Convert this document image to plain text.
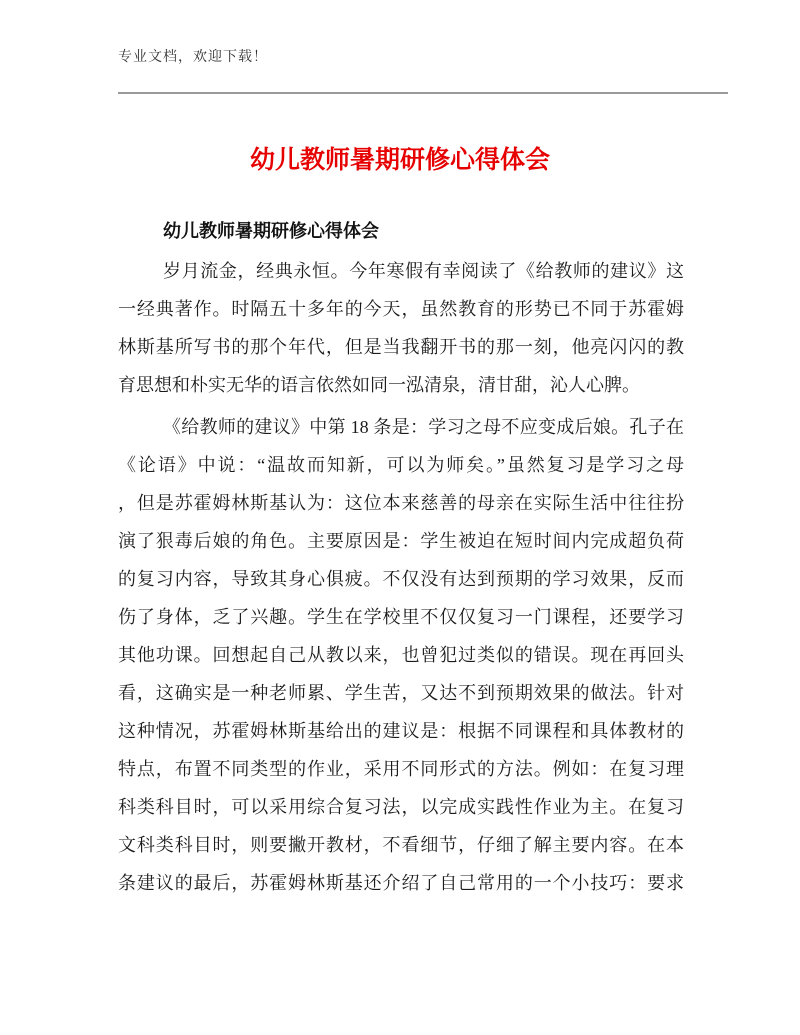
专业文档，欢迎下载！
幼儿教师暑期研修心得体会
幼儿教师暑期研修心得体会
岁月流金，经典永恒。今年寒假有幸阅读了《给教师的建议》这
一经典著作。时隔五十多年的今天，虽然教育的形势已不同于苏霍姆
林斯基所写书的那个年代，但是当我翻开书的那一刻，他亮闪闪的教
育思想和朴实无华的语言依然如同一泓清泉，清甘甜，沁人心脾。
《给教师的建议》中第 18 条是：学习之母不应变成后娘。孔子在
《论语》中说：“温故而知新，可以为师矣。”虽然复习是学习之母
，但是苏霍姆林斯基认为：这位本来慈善的母亲在实际生活中往往扮
演了狠毒后娘的角色。主要原因是：学生被迫在短时间内完成超负荷
的复习内容，导致其身心俱疲。不仅没有达到预期的学习效果，反而
伤了身体，乏了兴趣。学生在学校里不仅仅复习一门课程，还要学习
其他功课。回想起自己从教以来，也曾犯过类似的错误。现在再回头
看，这确实是一种老师累、学生苦，又达不到预期效果的做法。针对
这种情况，苏霍姆林斯基给出的建议是：根据不同课程和具体教材的
特点，布置不同类型的作业，采用不同形式的方法。例如：在复习理
科类科目时，可以采用综合复习法，以完成实践性作业为主。在复习
文科类科目时，则要撇开教材，不看细节，仔细了解主要内容。在本
条建议的最后，苏霍姆林斯基还介绍了自己常用的一个小技巧：要求
